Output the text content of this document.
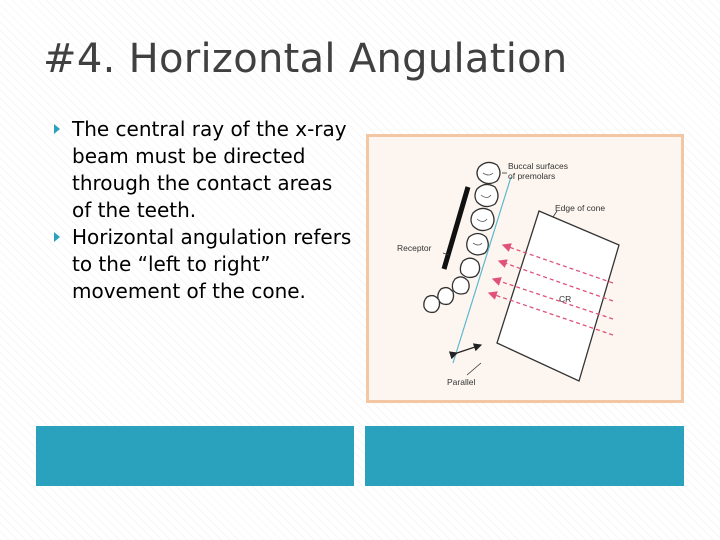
#4. Horizontal Angulation
The central ray of the x-ray beam must be directed through the contact areas of the teeth.
Horizontal angulation refers to the “left to right” movement of the cone.
Buccal surfaces
of premolars
Edge of cone
Receptor
CR
Parallel
